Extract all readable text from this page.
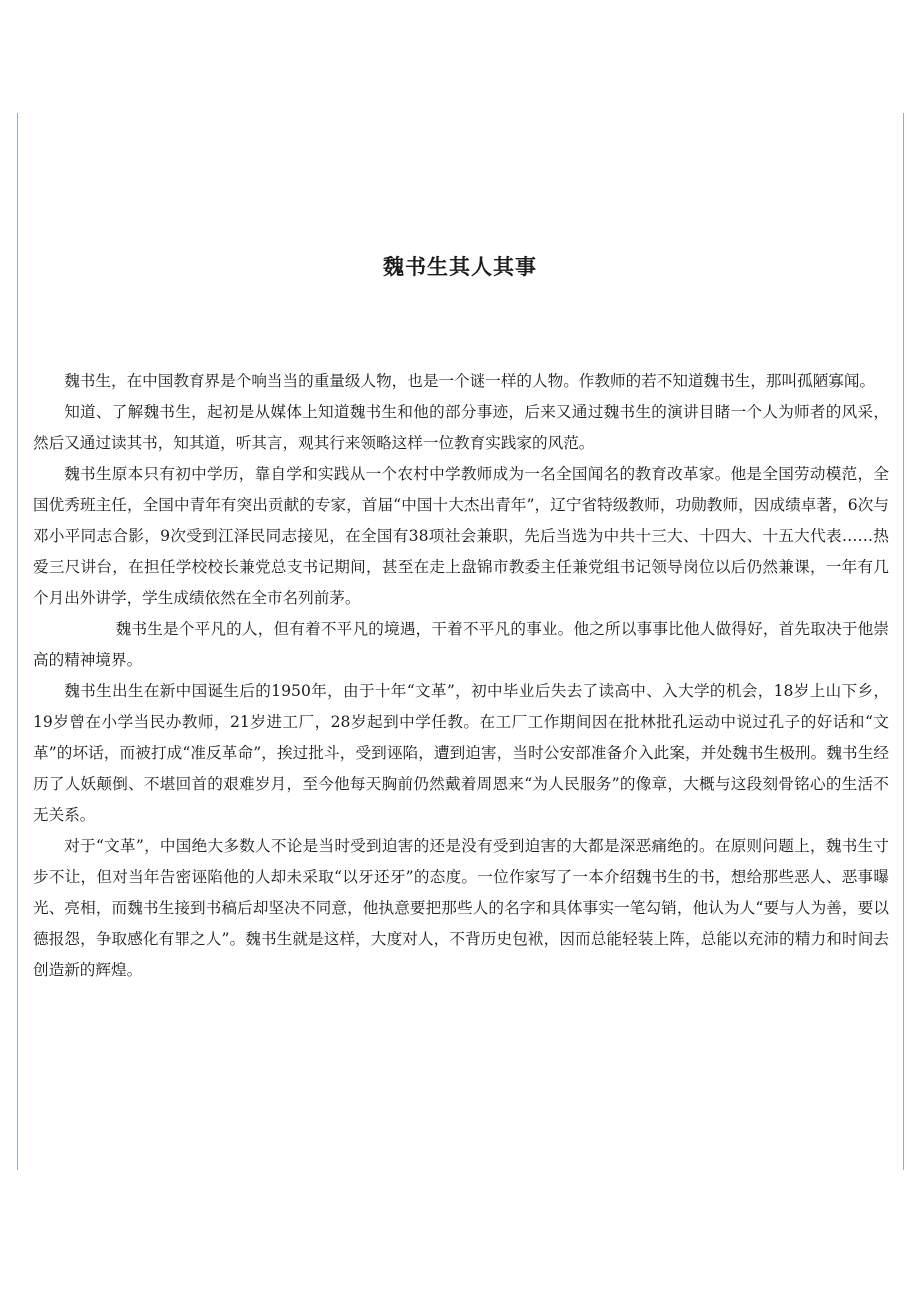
魏书生其人其事

魏书生，在中国教育界是个响当当的重量级人物，也是一个谜一样的人物。作教师的若不知道魏书生，那叫孤陋寡闻。

知道、了解魏书生，起初是从媒体上知道魏书生和他的部分事迹，后来又通过魏书生的演讲目睹一个人为师者的风采，然后又通过读其书，知其道，听其言，观其行来领略这样一位教育实践家的风范。

魏书生原本只有初中学历，靠自学和实践从一个农村中学教师成为一名全国闻名的教育改革家。他是全国劳动模范，全国优秀班主任，全国中青年有突出贡献的专家，首届“中国十大杰出青年”，辽宁省特级教师，功勋教师，因成绩卓著，6次与邓小平同志合影，9次受到江泽民同志接见，在全国有38项社会兼职，先后当选为中共十三大、十四大、十五大代表……热爱三尺讲台，在担任学校校长兼党总支书记期间，甚至在走上盘锦市教委主任兼党组书记领导岗位以后仍然兼课，一年有几个月出外讲学，学生成绩依然在全市名列前茅。

魏书生是个平凡的人，但有着不平凡的境遇，干着不平凡的事业。他之所以事事比他人做得好，首先取决于他崇高的精神境界。

魏书生出生在新中国诞生后的1950年，由于十年“文革”，初中毕业后失去了读高中、入大学的机会，18岁上山下乡，19岁曾在小学当民办教师，21岁进工厂，28岁起到中学任教。在工厂工作期间因在批林批孔运动中说过孔子的好话和“文革”的坏话，而被打成“准反革命”，挨过批斗，受到诬陷，遭到迫害，当时公安部准备介入此案，并处魏书生极刑。魏书生经历了人妖颠倒、不堪回首的艰难岁月，至今他每天胸前仍然戴着周恩来“为人民服务”的像章，大概与这段刻骨铭心的生活不无关系。

对于“文革”，中国绝大多数人不论是当时受到迫害的还是没有受到迫害的大都是深恶痛绝的。在原则问题上，魏书生寸步不让，但对当年告密诬陷他的人却未采取“以牙还牙”的态度。一位作家写了一本介绍魏书生的书，想给那些恶人、恶事曝光、亮相，而魏书生接到书稿后却坚决不同意，他执意要把那些人的名字和具体事实一笔勾销，他认为人“要与人为善，要以德报怨，争取感化有罪之人”。魏书生就是这样，大度对人，不背历史包袱，因而总能轻装上阵，总能以充沛的精力和时间去创造新的辉煌。
